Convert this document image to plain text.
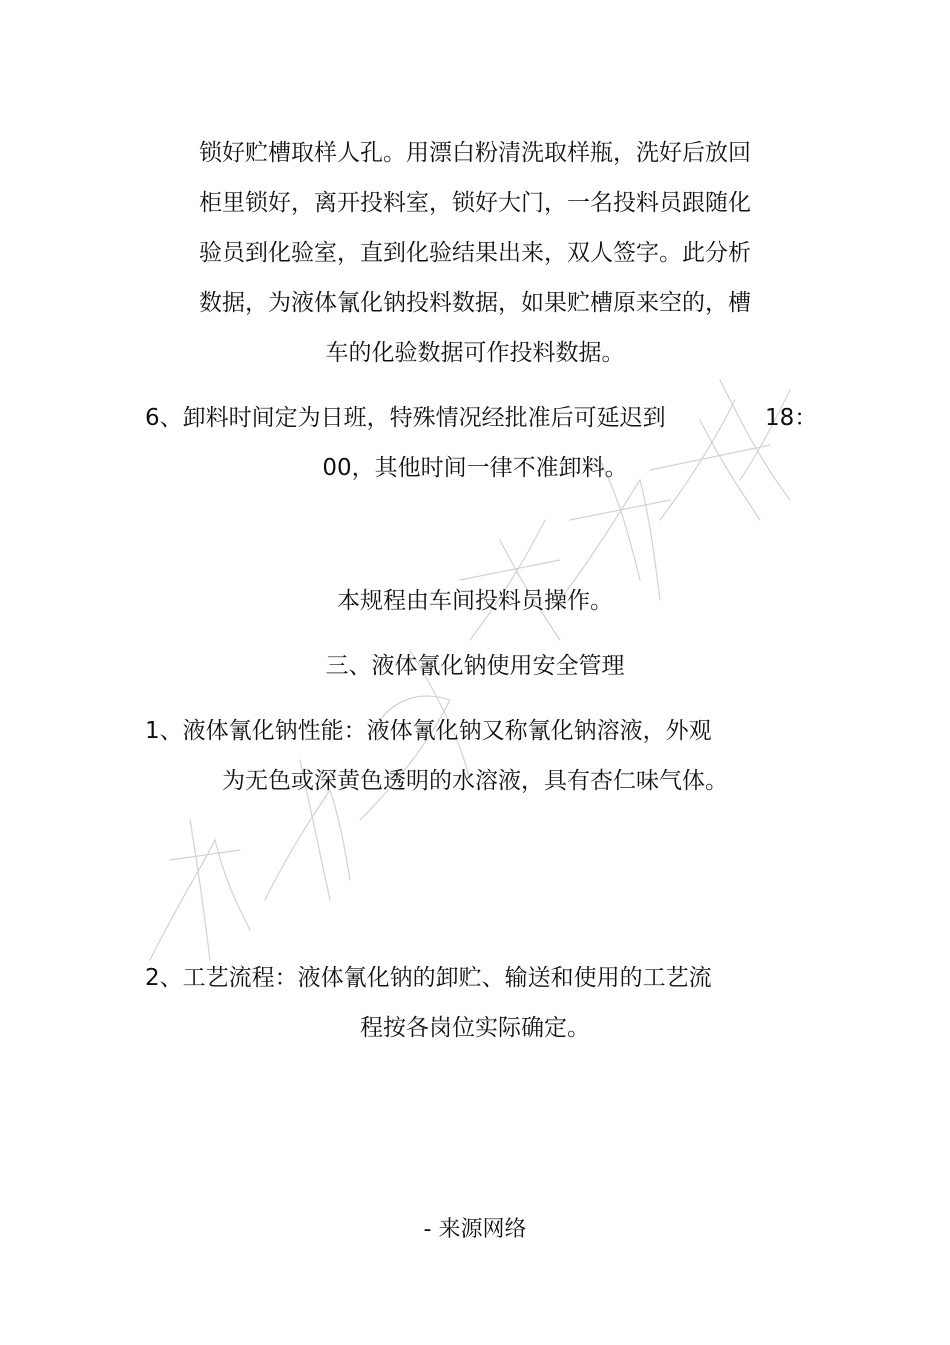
锁好贮槽取样人孔。用漂白粉清洗取样瓶，洗好后放回
柜里锁好，离开投料室，锁好大门，一名投料员跟随化
验员到化验室，直到化验结果出来，双人签字。此分析
数据，为液体氰化钠投料数据，如果贮槽原来空的，槽
车的化验数据可作投料数据。
6、卸料时间定为日班，特殊情况经批准后可延迟到	18：
00，其他时间一律不准卸料。
本规程由车间投料员操作。
三、液体氰化钠使用安全管理
1、液体氰化钠性能：液体氰化钠又称氰化钠溶液，外观
为无色或深黄色透明的水溶液，具有杏仁味气体。
2、工艺流程：液体氰化钠的卸贮、输送和使用的工艺流
程按各岗位实际确定。
- 来源网络
